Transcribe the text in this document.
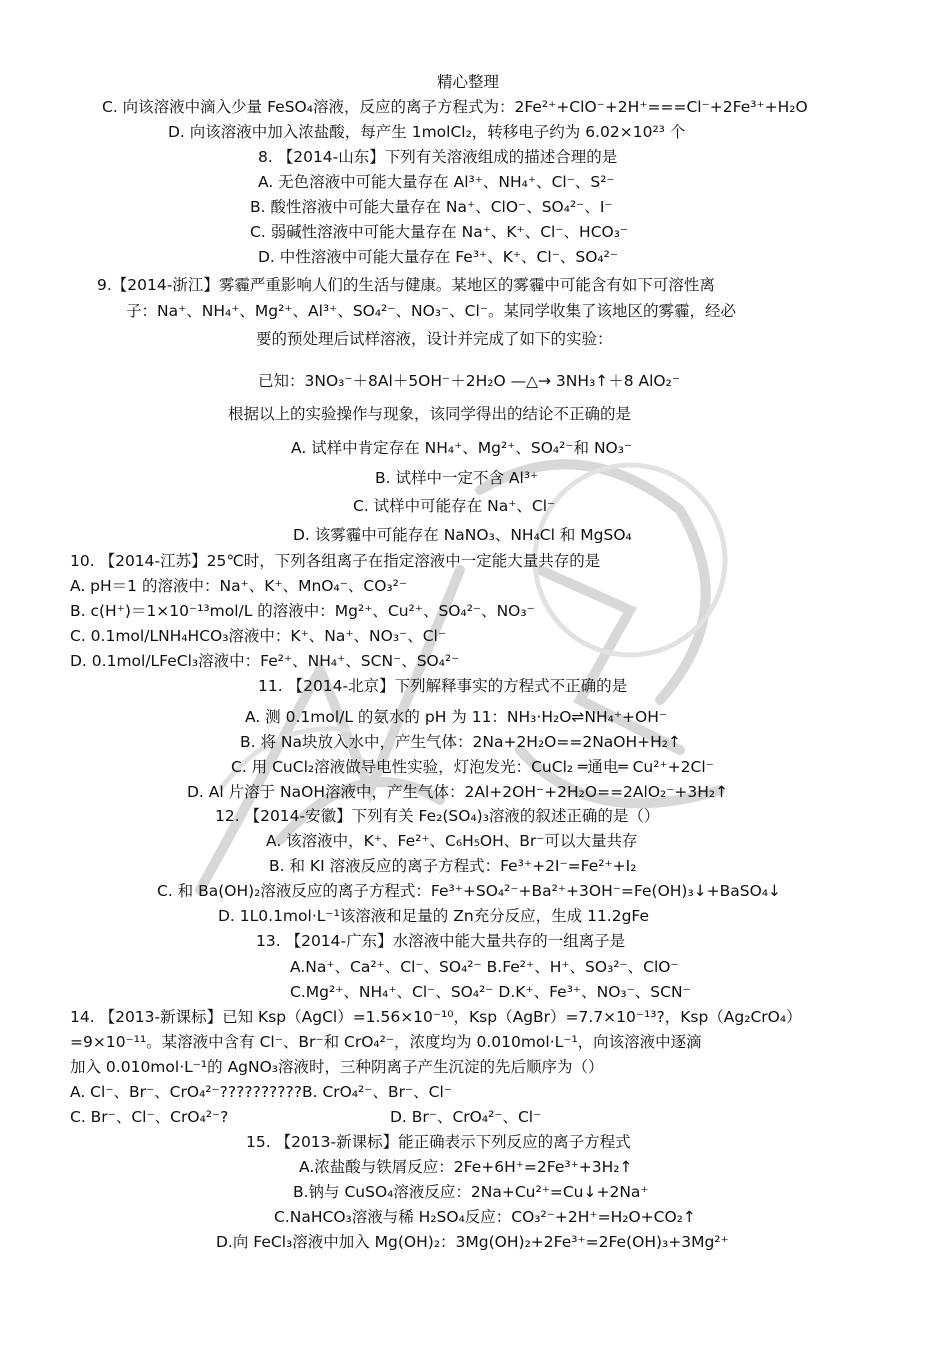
精心整理
C. 向该溶液中滴入少量 FeSO₄溶液，反应的离子方程式为：2Fe²⁺+ClO⁻+2H⁺===Cl⁻+2Fe³⁺+H₂O
D. 向该溶液中加入浓盐酸，每产生 1molCl₂，转移电子约为 6.02×10²³ 个
8. 【2014-山东】下列有关溶液组成的描述合理的是
A. 无色溶液中可能大量存在 Al³⁺、NH₄⁺、Cl⁻、S²⁻
B. 酸性溶液中可能大量存在 Na⁺、ClO⁻、SO₄²⁻、I⁻
C. 弱碱性溶液中可能大量存在 Na⁺、K⁺、Cl⁻、HCO₃⁻
D. 中性溶液中可能大量存在 Fe³⁺、K⁺、Cl⁻、SO₄²⁻
9.【2014-浙江】雾霾严重影响人们的生活与健康。某地区的雾霾中可能含有如下可溶性离
子：Na⁺、NH₄⁺、Mg²⁺、Al³⁺、SO₄²⁻、NO₃⁻、Cl⁻。某同学收集了该地区的雾霾，经必
要的预处理后试样溶液，设计并完成了如下的实验：
已知：3NO₃⁻＋8Al＋5OH⁻＋2H₂O —△→ 3NH₃↑＋8 AlO₂⁻
根据以上的实验操作与现象，该同学得出的结论不正确的是
A. 试样中肯定存在 NH₄⁺、Mg²⁺、SO₄²⁻和 NO₃⁻
B. 试样中一定不含 Al³⁺
C. 试样中可能存在 Na⁺、Cl⁻
D. 该雾霾中可能存在 NaNO₃、NH₄Cl 和 MgSO₄
10. 【2014-江苏】25℃时，下列各组离子在指定溶液中一定能大量共存的是
A. pH＝1 的溶液中：Na⁺、K⁺、MnO₄⁻、CO₃²⁻
B. c(H⁺)＝1×10⁻¹³mol/L 的溶液中：Mg²⁺、Cu²⁺、SO₄²⁻、NO₃⁻
C. 0.1mol/LNH₄HCO₃溶液中：K⁺、Na⁺、NO₃⁻、Cl⁻
D. 0.1mol/LFeCl₃溶液中：Fe²⁺、NH₄⁺、SCN⁻、SO₄²⁻
11. 【2014-北京】下列解释事实的方程式不正确的是
A. 测 0.1mol/L 的氨水的 pH 为 11：NH₃·H₂O⇌NH₄⁺+OH⁻
B. 将 Na块放入水中，产生气体：2Na+2H₂O==2NaOH+H₂↑
C. 用 CuCl₂溶液做导电性实验，灯泡发光：CuCl₂ ═通电═ Cu²⁺+2Cl⁻
D. Al 片溶于 NaOH溶液中，产生气体：2Al+2OH⁻+2H₂O==2AlO₂⁻+3H₂↑
12. 【2014-安徽】下列有关 Fe₂(SO₄)₃溶液的叙述正确的是（）
A. 该溶液中，K⁺、Fe²⁺、C₆H₅OH、Br⁻可以大量共存
B. 和 KI 溶液反应的离子方程式：Fe³⁺+2I⁻=Fe²⁺+I₂
C. 和 Ba(OH)₂溶液反应的离子方程式：Fe³⁺+SO₄²⁻+Ba²⁺+3OH⁻=Fe(OH)₃↓+BaSO₄↓
D. 1L0.1mol·L⁻¹该溶液和足量的 Zn充分反应，生成 11.2gFe
13. 【2014-广东】水溶液中能大量共存的一组离子是
A.Na⁺、Ca²⁺、Cl⁻、SO₄²⁻ B.Fe²⁺、H⁺、SO₃²⁻、ClO⁻
C.Mg²⁺、NH₄⁺、Cl⁻、SO₄²⁻ D.K⁺、Fe³⁺、NO₃⁻、SCN⁻
14. 【2013-新课标】已知 Ksp（AgCl）=1.56×10⁻¹⁰，Ksp（AgBr）=7.7×10⁻¹³?，Ksp（Ag₂CrO₄）
=9×10⁻¹¹。某溶液中含有 Cl⁻、Br⁻和 CrO₄²⁻，浓度均为 0.010mol·L⁻¹，向该溶液中逐滴
加入 0.010mol·L⁻¹的 AgNO₃溶液时，三种阴离子产生沉淀的先后顺序为（）
A. Cl⁻、Br⁻、CrO₄²⁻??????????B. CrO₄²⁻、Br⁻、Cl⁻
C. Br⁻、Cl⁻、CrO₄²⁻?	D. Br⁻、CrO₄²⁻、Cl⁻
15. 【2013-新课标】能正确表示下列反应的离子方程式
A.浓盐酸与铁屑反应：2Fe+6H⁺=2Fe³⁺+3H₂↑
B.钠与 CuSO₄溶液反应：2Na+Cu²⁺=Cu↓+2Na⁺
C.NaHCO₃溶液与稀 H₂SO₄反应：CO₃²⁻+2H⁺=H₂O+CO₂↑
D.向 FeCl₃溶液中加入 Mg(OH)₂：3Mg(OH)₂+2Fe³⁺=2Fe(OH)₃+3Mg²⁺
